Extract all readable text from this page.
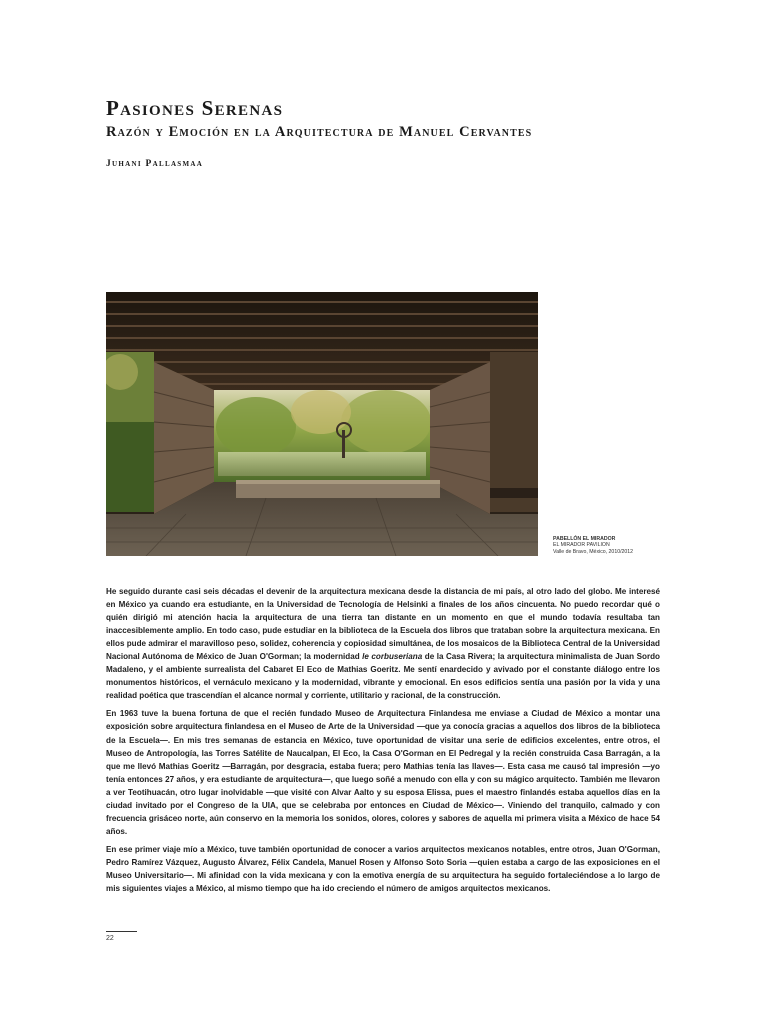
Pasiones Serenas
Razón y Emoción en la Arquitectura de Manuel Cervantes
Juhani Pallasmaa
PABELLÓN EL MIRADOR
EL MIRADOR PAVILION
Valle de Bravo, México, 2010/2012

He seguido durante casi seis décadas el devenir de la arquitectura mexicana desde la distancia de mi país, al otro lado del globo. Me interesé en México ya cuando era estudiante, en la Universidad de Tecnología de Helsinki a finales de los años cincuenta. No puedo recordar qué o quién dirigió mi atención hacia la arquitectura de una tierra tan distante en un momento en que el mundo todavía resultaba tan inaccesiblemente amplio. En todo caso, pude estudiar en la biblioteca de la Escuela dos libros que trataban sobre la arquitectura mexicana. En ellos pude admirar el maravilloso peso, solidez, coherencia y copiosidad simultánea, de los mosaicos de la Biblioteca Central de la Universidad Nacional Autónoma de México de Juan O'Gorman; la modernidad le corbuseriana de la Casa Rivera; la arquitectura minimalista de Juan Sordo Madaleno, y el ambiente surrealista del Cabaret El Eco de Mathias Goeritz. Me sentí enardecido y avivado por el constante diálogo entre los monumentos históricos, el vernáculo mexicano y la modernidad, vibrante y emocional. En esos edificios sentía una pasión por la vida y una realidad poética que trascendían el alcance normal y corriente, utilitario y racional, de la construcción.

En 1963 tuve la buena fortuna de que el recién fundado Museo de Arquitectura Finlandesa me enviase a Ciudad de México a montar una exposición sobre arquitectura finlandesa en el Museo de Arte de la Universidad —que ya conocía gracias a aquellos dos libros de la biblioteca de la Escuela—. En mis tres semanas de estancia en México, tuve oportunidad de visitar una serie de edificios excelentes, entre otros, el Museo de Antropología, las Torres Satélite de Naucalpan, El Eco, la Casa O'Gorman en El Pedregal y la recién construida Casa Barragán, a la que me llevó Mathias Goeritz —Barragán, por desgracia, estaba fuera; pero Mathias tenía las llaves—. Esta casa me causó tal impresión —yo tenía entonces 27 años, y era estudiante de arquitectura—, que luego soñé a menudo con ella y con su mágico arquitecto. También me llevaron a ver Teotihuacán, otro lugar inolvidable —que visité con Alvar Aalto y su esposa Elissa, pues el maestro finlandés estaba aquellos días en la ciudad invitado por el Congreso de la UIA, que se celebraba por entonces en Ciudad de México—. Viniendo del tranquilo, calmado y con frecuencia grisáceo norte, aún conservo en la memoria los sonidos, olores, colores y sabores de aquella mi primera visita a México de hace 54 años.

En ese primer viaje mío a México, tuve también oportunidad de conocer a varios arquitectos mexicanos notables, entre otros, Juan O'Gorman, Pedro Ramírez Vázquez, Augusto Álvarez, Félix Candela, Manuel Rosen y Alfonso Soto Soria —quien estaba a cargo de las exposiciones en el Museo Universitario—. Mi afinidad con la vida mexicana y con la emotiva energía de su arquitectura ha seguido fortaleciéndose a lo largo de mis siguientes viajes a México, al mismo tiempo que ha ido creciendo el número de amigos arquitectos mexicanos.

22
